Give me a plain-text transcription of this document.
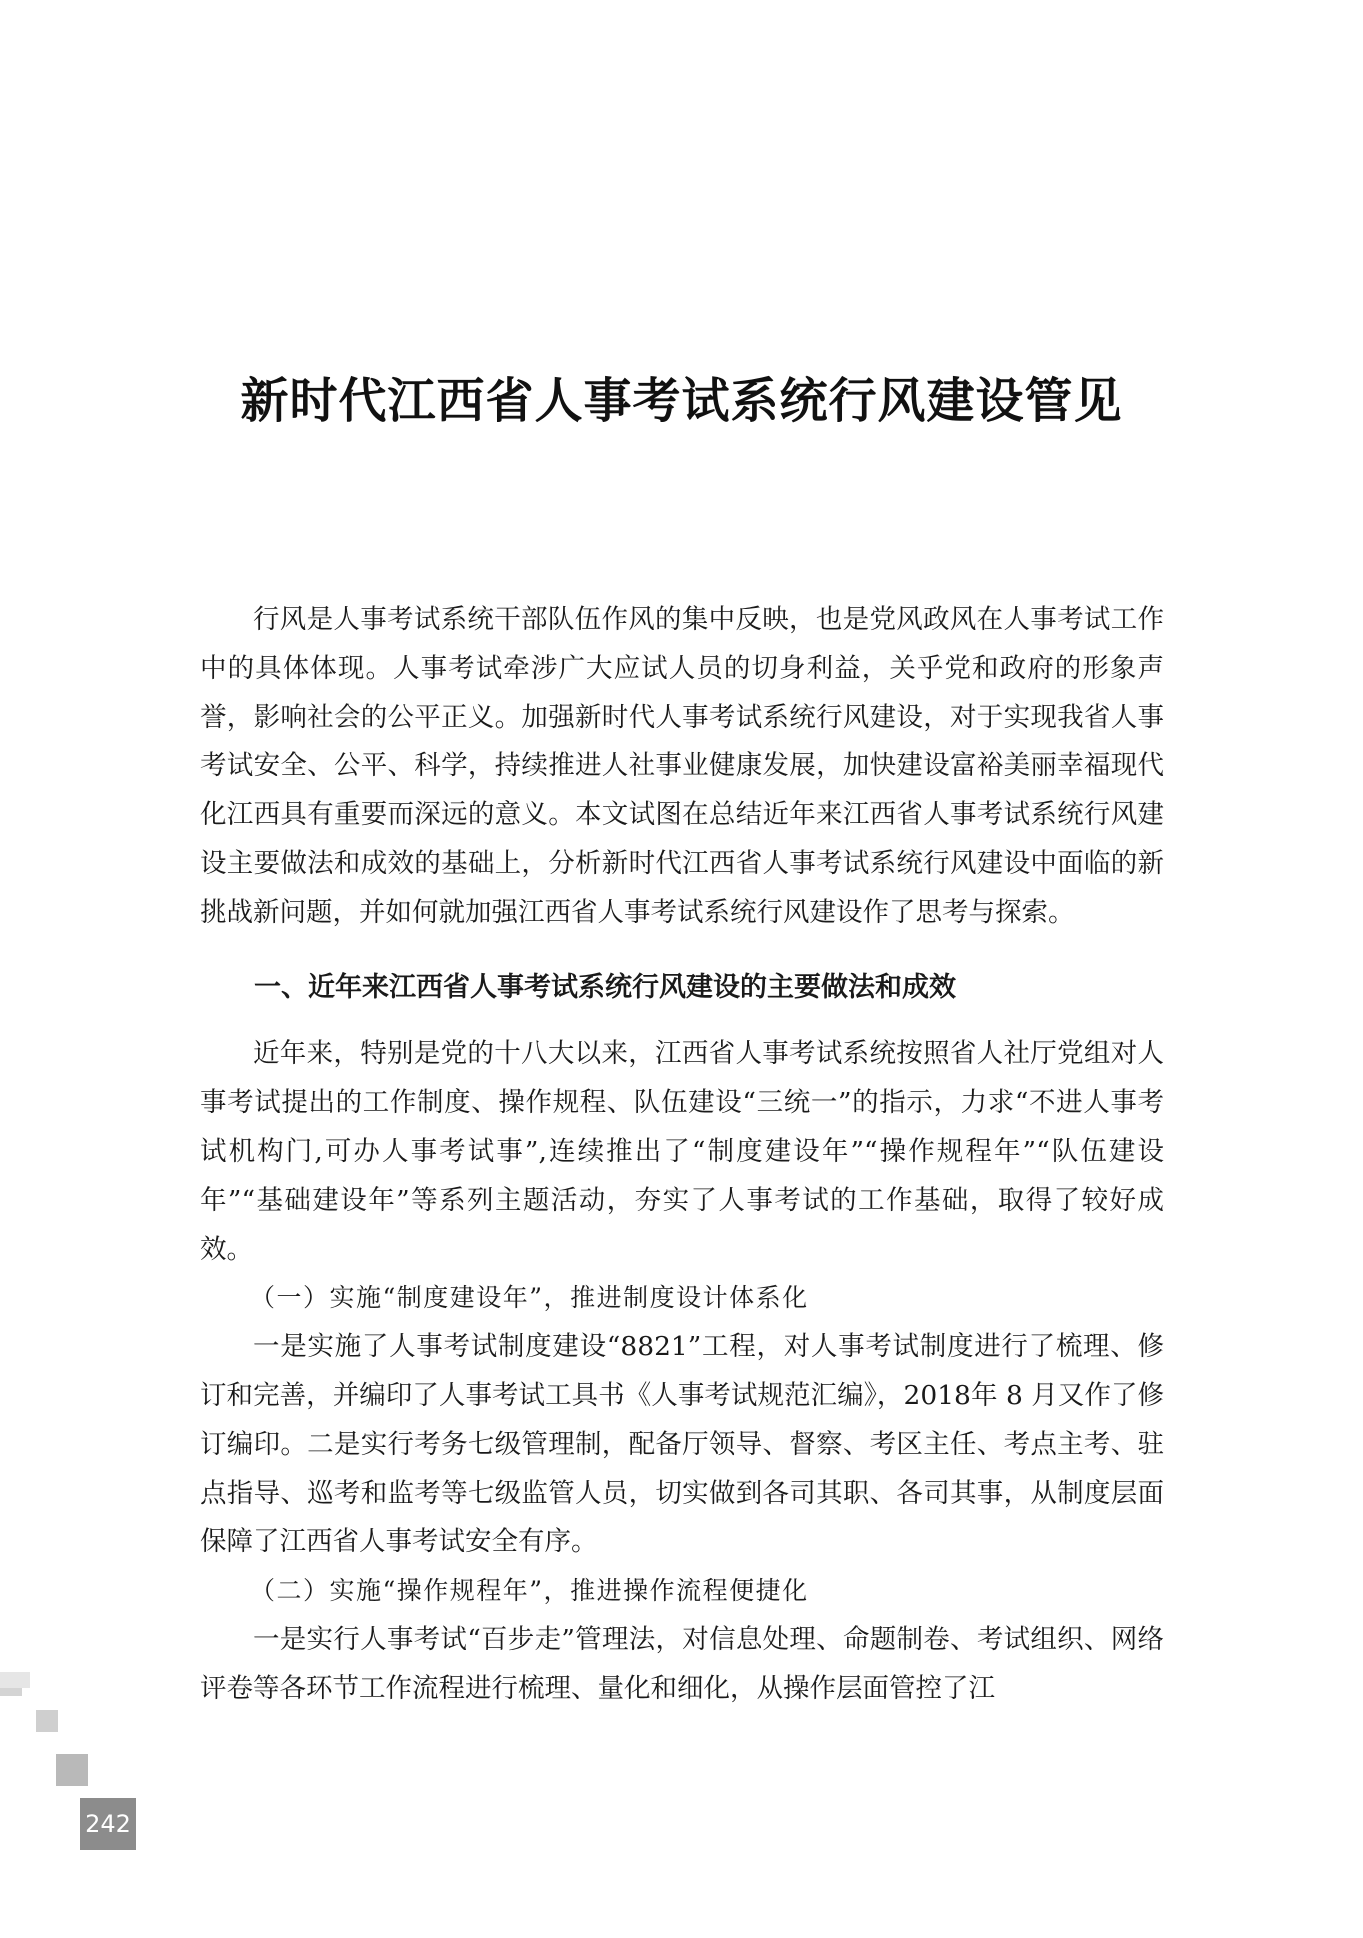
新时代江西省人事考试系统行风建设管见

行风是人事考试系统干部队伍作风的集中反映，也是党风政风在人事考试工作中的具体体现。人事考试牵涉广大应试人员的切身利益，关乎党和政府的形象声誉，影响社会的公平正义。加强新时代人事考试系统行风建设，对于实现我省人事考试安全、公平、科学，持续推进人社事业健康发展，加快建设富裕美丽幸福现代化江西具有重要而深远的意义。本文试图在总结近年来江西省人事考试系统行风建设主要做法和成效的基础上，分析新时代江西省人事考试系统行风建设中面临的新挑战新问题，并如何就加强江西省人事考试系统行风建设作了思考与探索。

一、近年来江西省人事考试系统行风建设的主要做法和成效

近年来，特别是党的十八大以来，江西省人事考试系统按照省人社厅党组对人事考试提出的工作制度、操作规程、队伍建设“三统一”的指示，力求“不进人事考试机构门,可办人事考试事”,连续推出了“制度建设年”“操作规程年”“队伍建设年”“基础建设年”等系列主题活动，夯实了人事考试的工作基础，取得了较好成效。

（一）实施“制度建设年”，推进制度设计体系化

一是实施了人事考试制度建设“8821”工程，对人事考试制度进行了梳理、修订和完善，并编印了人事考试工具书《人事考试规范汇编》，2018年 8 月又作了修订编印。二是实行考务七级管理制，配备厅领导、督察、考区主任、考点主考、驻点指导、巡考和监考等七级监管人员，切实做到各司其职、各司其事，从制度层面保障了江西省人事考试安全有序。

（二）实施“操作规程年”，推进操作流程便捷化

一是实行人事考试“百步走”管理法，对信息处理、命题制卷、考试组织、网络评卷等各环节工作流程进行梳理、量化和细化，从操作层面管控了江

242
